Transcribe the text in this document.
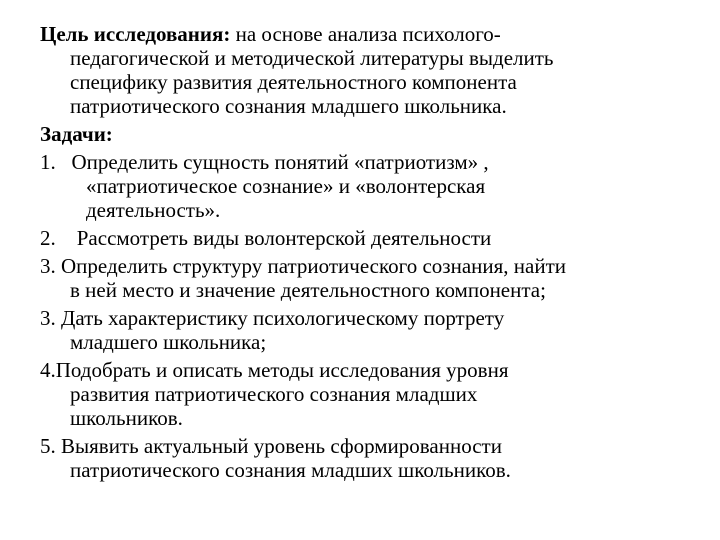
Цель исследования: на основе анализа психолого-
педагогической и методической литературы выделить
специфику развития деятельностного компонента
патриотического сознания младшего школьника.

Задачи:

1. Определить сущность понятий «патриотизм» ,
«патриотическое сознание» и «волонтерская
деятельность».

2. Рассмотреть виды волонтерской деятельности

3. Определить структуру патриотического сознания, найти
в ней место и значение деятельностного компонента;

3. Дать характеристику психологическому портрету
младшего школьника;

4.Подобрать и описать методы исследования уровня
развития патриотического сознания младших
школьников.

5. Выявить актуальный уровень сформированности
патриотического сознания младших школьников.
